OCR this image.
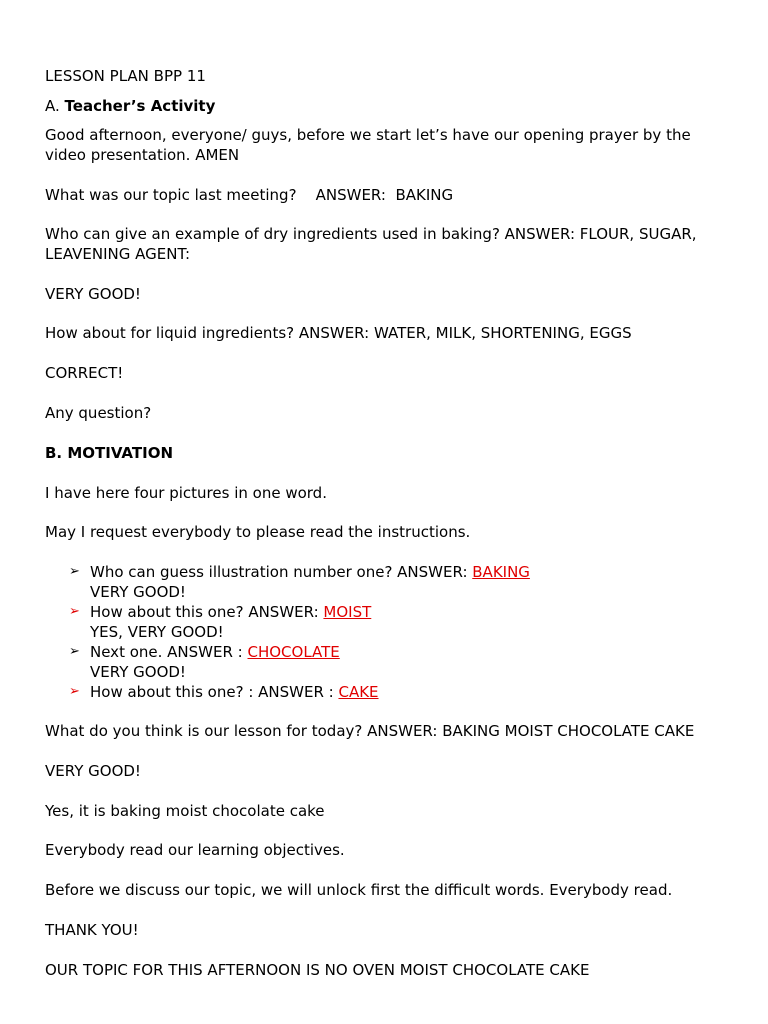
LESSON PLAN BPP 11

A. Teacher’s Activity

Good afternoon, everyone/ guys, before we start let’s have our opening prayer by the video presentation. AMEN

What was our topic last meeting?    ANSWER:  BAKING

Who can give an example of dry ingredients used in baking? ANSWER: FLOUR, SUGAR, LEAVENING AGENT:

VERY GOOD!

How about for liquid ingredients? ANSWER: WATER, MILK, SHORTENING, EGGS

CORRECT!

Any question?

B. MOTIVATION

I have here four pictures in one word.

May I request everybody to please read the instructions.

➢ Who can guess illustration number one? ANSWER: BAKING
VERY GOOD!
➢ How about this one? ANSWER: MOIST
YES, VERY GOOD!
➢ Next one. ANSWER : CHOCOLATE
VERY GOOD!
➢ How about this one? : ANSWER : CAKE

What do you think is our lesson for today? ANSWER: BAKING MOIST CHOCOLATE CAKE

VERY GOOD!

Yes, it is baking moist chocolate cake

Everybody read our learning objectives.

Before we discuss our topic, we will unlock first the difficult words. Everybody read.

THANK YOU!

OUR TOPIC FOR THIS AFTERNOON IS NO OVEN MOIST CHOCOLATE CAKE
